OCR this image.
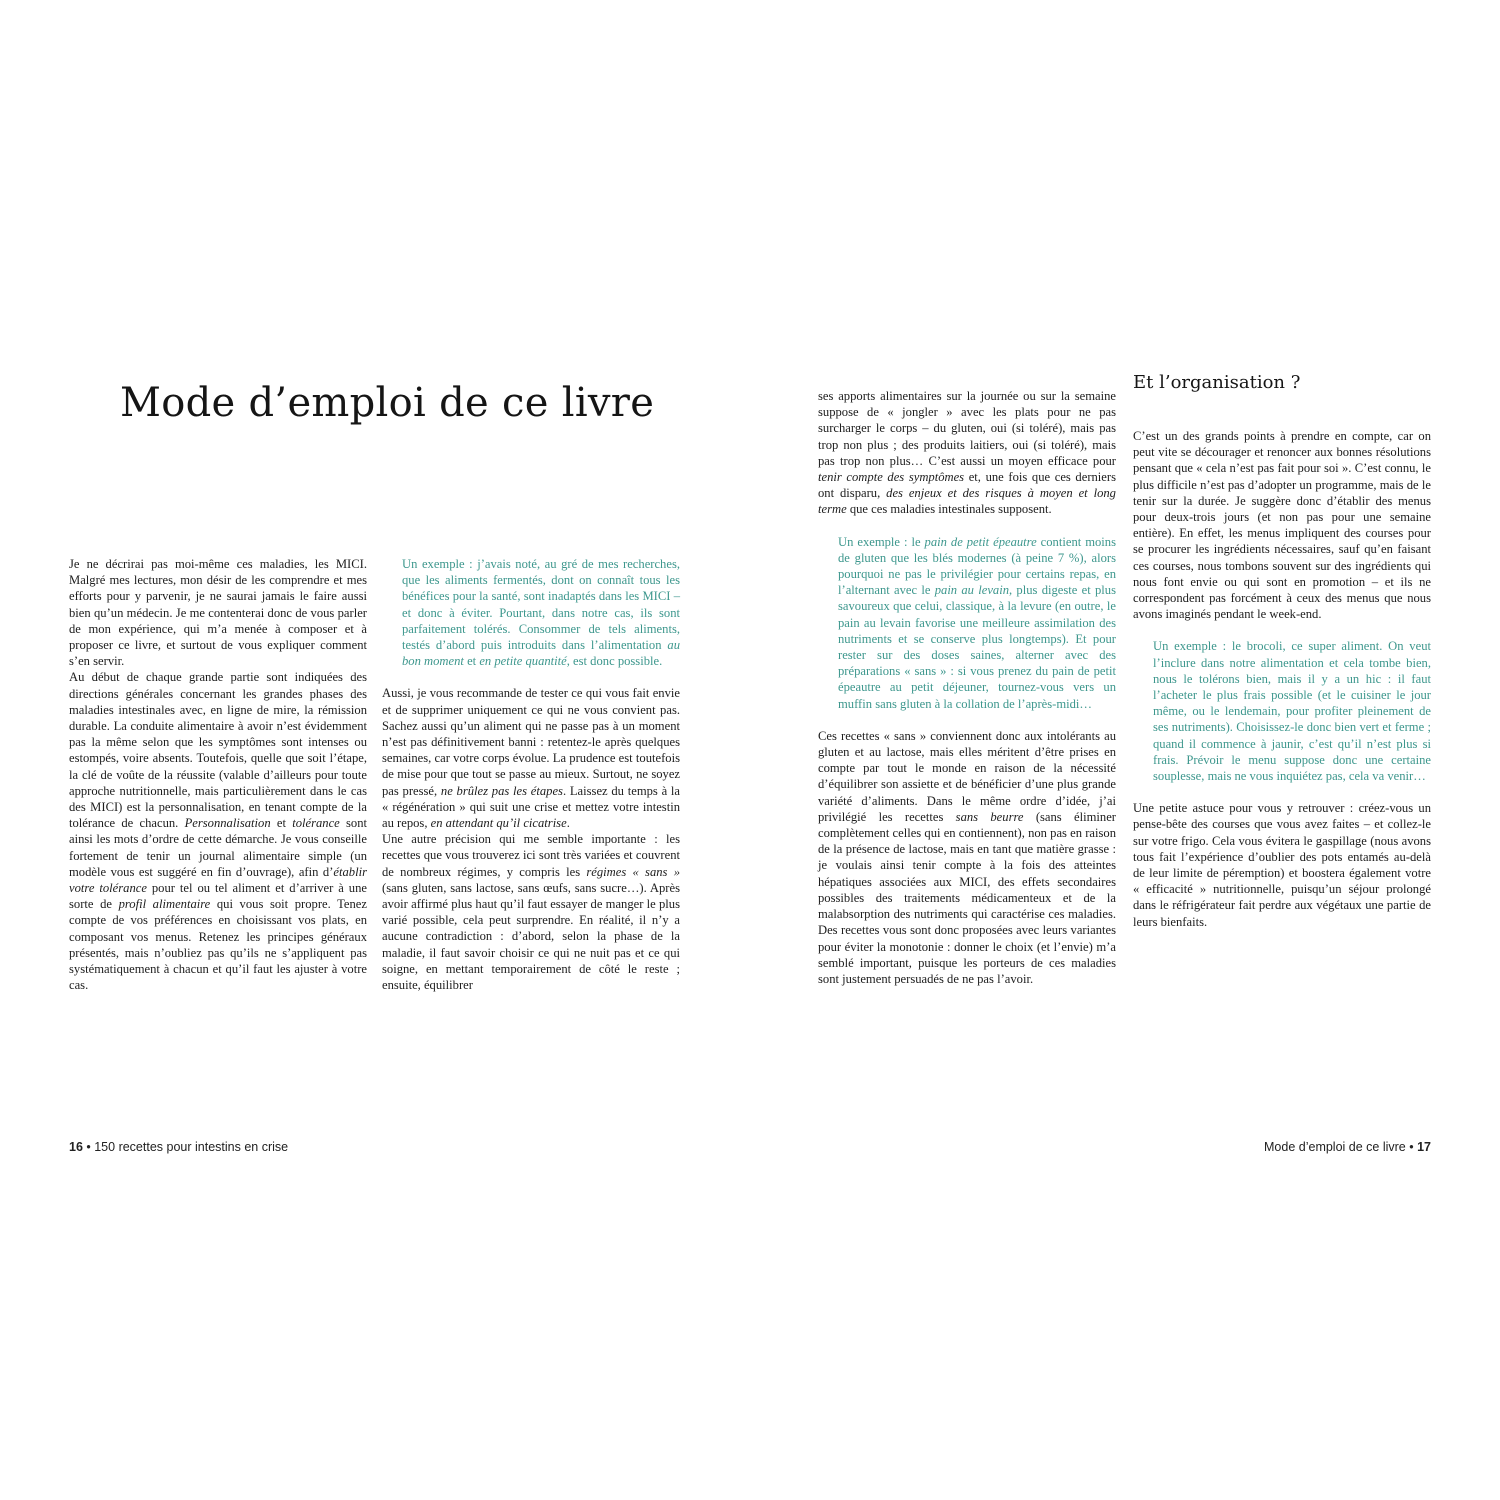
Mode d’emploi de ce livre

Je ne décrirai pas moi-même ces maladies, les MICI. Malgré mes lectures, mon désir de les comprendre et mes efforts pour y parvenir, je ne saurai jamais le faire aussi bien qu’un médecin. Je me contenterai donc de vous parler de mon expérience, qui m’a menée à composer et à proposer ce livre, et surtout de vous expliquer comment s’en servir.

Au début de chaque grande partie sont indiquées des directions générales concernant les grandes phases des maladies intestinales avec, en ligne de mire, la rémission durable. La conduite alimentaire à avoir n’est évidemment pas la même selon que les symptômes sont intenses ou estompés, voire absents. Toutefois, quelle que soit l’étape, la clé de voûte de la réussite (valable d’ailleurs pour toute approche nutritionnelle, mais particulièrement dans le cas des MICI) est la personnalisation, en tenant compte de la tolérance de chacun. Personnalisation et tolérance sont ainsi les mots d’ordre de cette démarche. Je vous conseille fortement de tenir un journal alimentaire simple (un modèle vous est suggéré en fin d’ouvrage), afin d’établir votre tolérance pour tel ou tel aliment et d’arriver à une sorte de profil alimentaire qui vous soit propre. Tenez compte de vos préférences en choisissant vos plats, en composant vos menus. Retenez les principes généraux présentés, mais n’oubliez pas qu’ils ne s’appliquent pas systématiquement à chacun et qu’il faut les ajuster à votre cas.

Un exemple : j’avais noté, au gré de mes recherches, que les aliments fermentés, dont on connaît tous les bénéfices pour la santé, sont inadaptés dans les MICI – et donc à éviter. Pourtant, dans notre cas, ils sont parfaitement tolérés. Consommer de tels aliments, testés d’abord puis introduits dans l’alimentation au bon moment et en petite quantité, est donc possible.

Aussi, je vous recommande de tester ce qui vous fait envie et de supprimer uniquement ce qui ne vous convient pas. Sachez aussi qu’un aliment qui ne passe pas à un moment n’est pas définitivement banni : retentez-le après quelques semaines, car votre corps évolue. La prudence est toutefois de mise pour que tout se passe au mieux. Surtout, ne soyez pas pressé, ne brûlez pas les étapes. Laissez du temps à la « régénération » qui suit une crise et mettez votre intestin au repos, en attendant qu’il cicatrise.

Une autre précision qui me semble importante : les recettes que vous trouverez ici sont très variées et couvrent de nombreux régimes, y compris les régimes « sans » (sans gluten, sans lactose, sans œufs, sans sucre…). Après avoir affirmé plus haut qu’il faut essayer de manger le plus varié possible, cela peut surprendre. En réalité, il n’y a aucune contradiction : d’abord, selon la phase de la maladie, il faut savoir choisir ce qui ne nuit pas et ce qui soigne, en mettant temporairement de côté le reste ; ensuite, équilibrer

ses apports alimentaires sur la journée ou sur la semaine suppose de « jongler » avec les plats pour ne pas surcharger le corps – du gluten, oui (si toléré), mais pas trop non plus ; des produits laitiers, oui (si toléré), mais pas trop non plus… C’est aussi un moyen efficace pour tenir compte des symptômes et, une fois que ces derniers ont disparu, des enjeux et des risques à moyen et long terme que ces maladies intestinales supposent.

Un exemple : le pain de petit épeautre contient moins de gluten que les blés modernes (à peine 7 %), alors pourquoi ne pas le privilégier pour certains repas, en l’alternant avec le pain au levain, plus digeste et plus savoureux que celui, classique, à la levure (en outre, le pain au levain favorise une meilleure assimilation des nutriments et se conserve plus longtemps). Et pour rester sur des doses saines, alterner avec des préparations « sans » : si vous prenez du pain de petit épeautre au petit déjeuner, tournez-vous vers un muffin sans gluten à la collation de l’après-midi…

Ces recettes « sans » conviennent donc aux intolérants au gluten et au lactose, mais elles méritent d’être prises en compte par tout le monde en raison de la nécessité d’équilibrer son assiette et de bénéficier d’une plus grande variété d’aliments. Dans le même ordre d’idée, j’ai privilégié les recettes sans beurre (sans éliminer complètement celles qui en contiennent), non pas en raison de la présence de lactose, mais en tant que matière grasse : je voulais ainsi tenir compte à la fois des atteintes hépatiques associées aux MICI, des effets secondaires possibles des traitements médicamenteux et de la malabsorption des nutriments qui caractérise ces maladies. Des recettes vous sont donc proposées avec leurs variantes pour éviter la monotonie : donner le choix (et l’envie) m’a semblé important, puisque les porteurs de ces maladies sont justement persuadés de ne pas l’avoir.

Et l’organisation ?

C’est un des grands points à prendre en compte, car on peut vite se décourager et renoncer aux bonnes résolutions pensant que « cela n’est pas fait pour soi ». C’est connu, le plus difficile n’est pas d’adopter un programme, mais de le tenir sur la durée. Je suggère donc d’établir des menus pour deux-trois jours (et non pas pour une semaine entière). En effet, les menus impliquent des courses pour se procurer les ingrédients nécessaires, sauf qu’en faisant ces courses, nous tombons souvent sur des ingrédients qui nous font envie ou qui sont en promotion – et ils ne correspondent pas forcément à ceux des menus que nous avons imaginés pendant le week-end.

Un exemple : le brocoli, ce super aliment. On veut l’inclure dans notre alimentation et cela tombe bien, nous le tolérons bien, mais il y a un hic : il faut l’acheter le plus frais possible (et le cuisiner le jour même, ou le lendemain, pour profiter pleinement de ses nutriments). Choisissez-le donc bien vert et ferme ; quand il commence à jaunir, c’est qu’il n’est plus si frais. Prévoir le menu suppose donc une certaine souplesse, mais ne vous inquiétez pas, cela va venir…

Une petite astuce pour vous y retrouver : créez-vous un pense-bête des courses que vous avez faites – et collez-le sur votre frigo. Cela vous évitera le gaspillage (nous avons tous fait l’expérience d’oublier des pots entamés au-delà de leur limite de péremption) et boostera également votre « efficacité » nutritionnelle, puisqu’un séjour prolongé dans le réfrigérateur fait perdre aux végétaux une partie de leurs bienfaits.

16 • 150 recettes pour intestins en crise	Mode d’emploi de ce livre • 17
